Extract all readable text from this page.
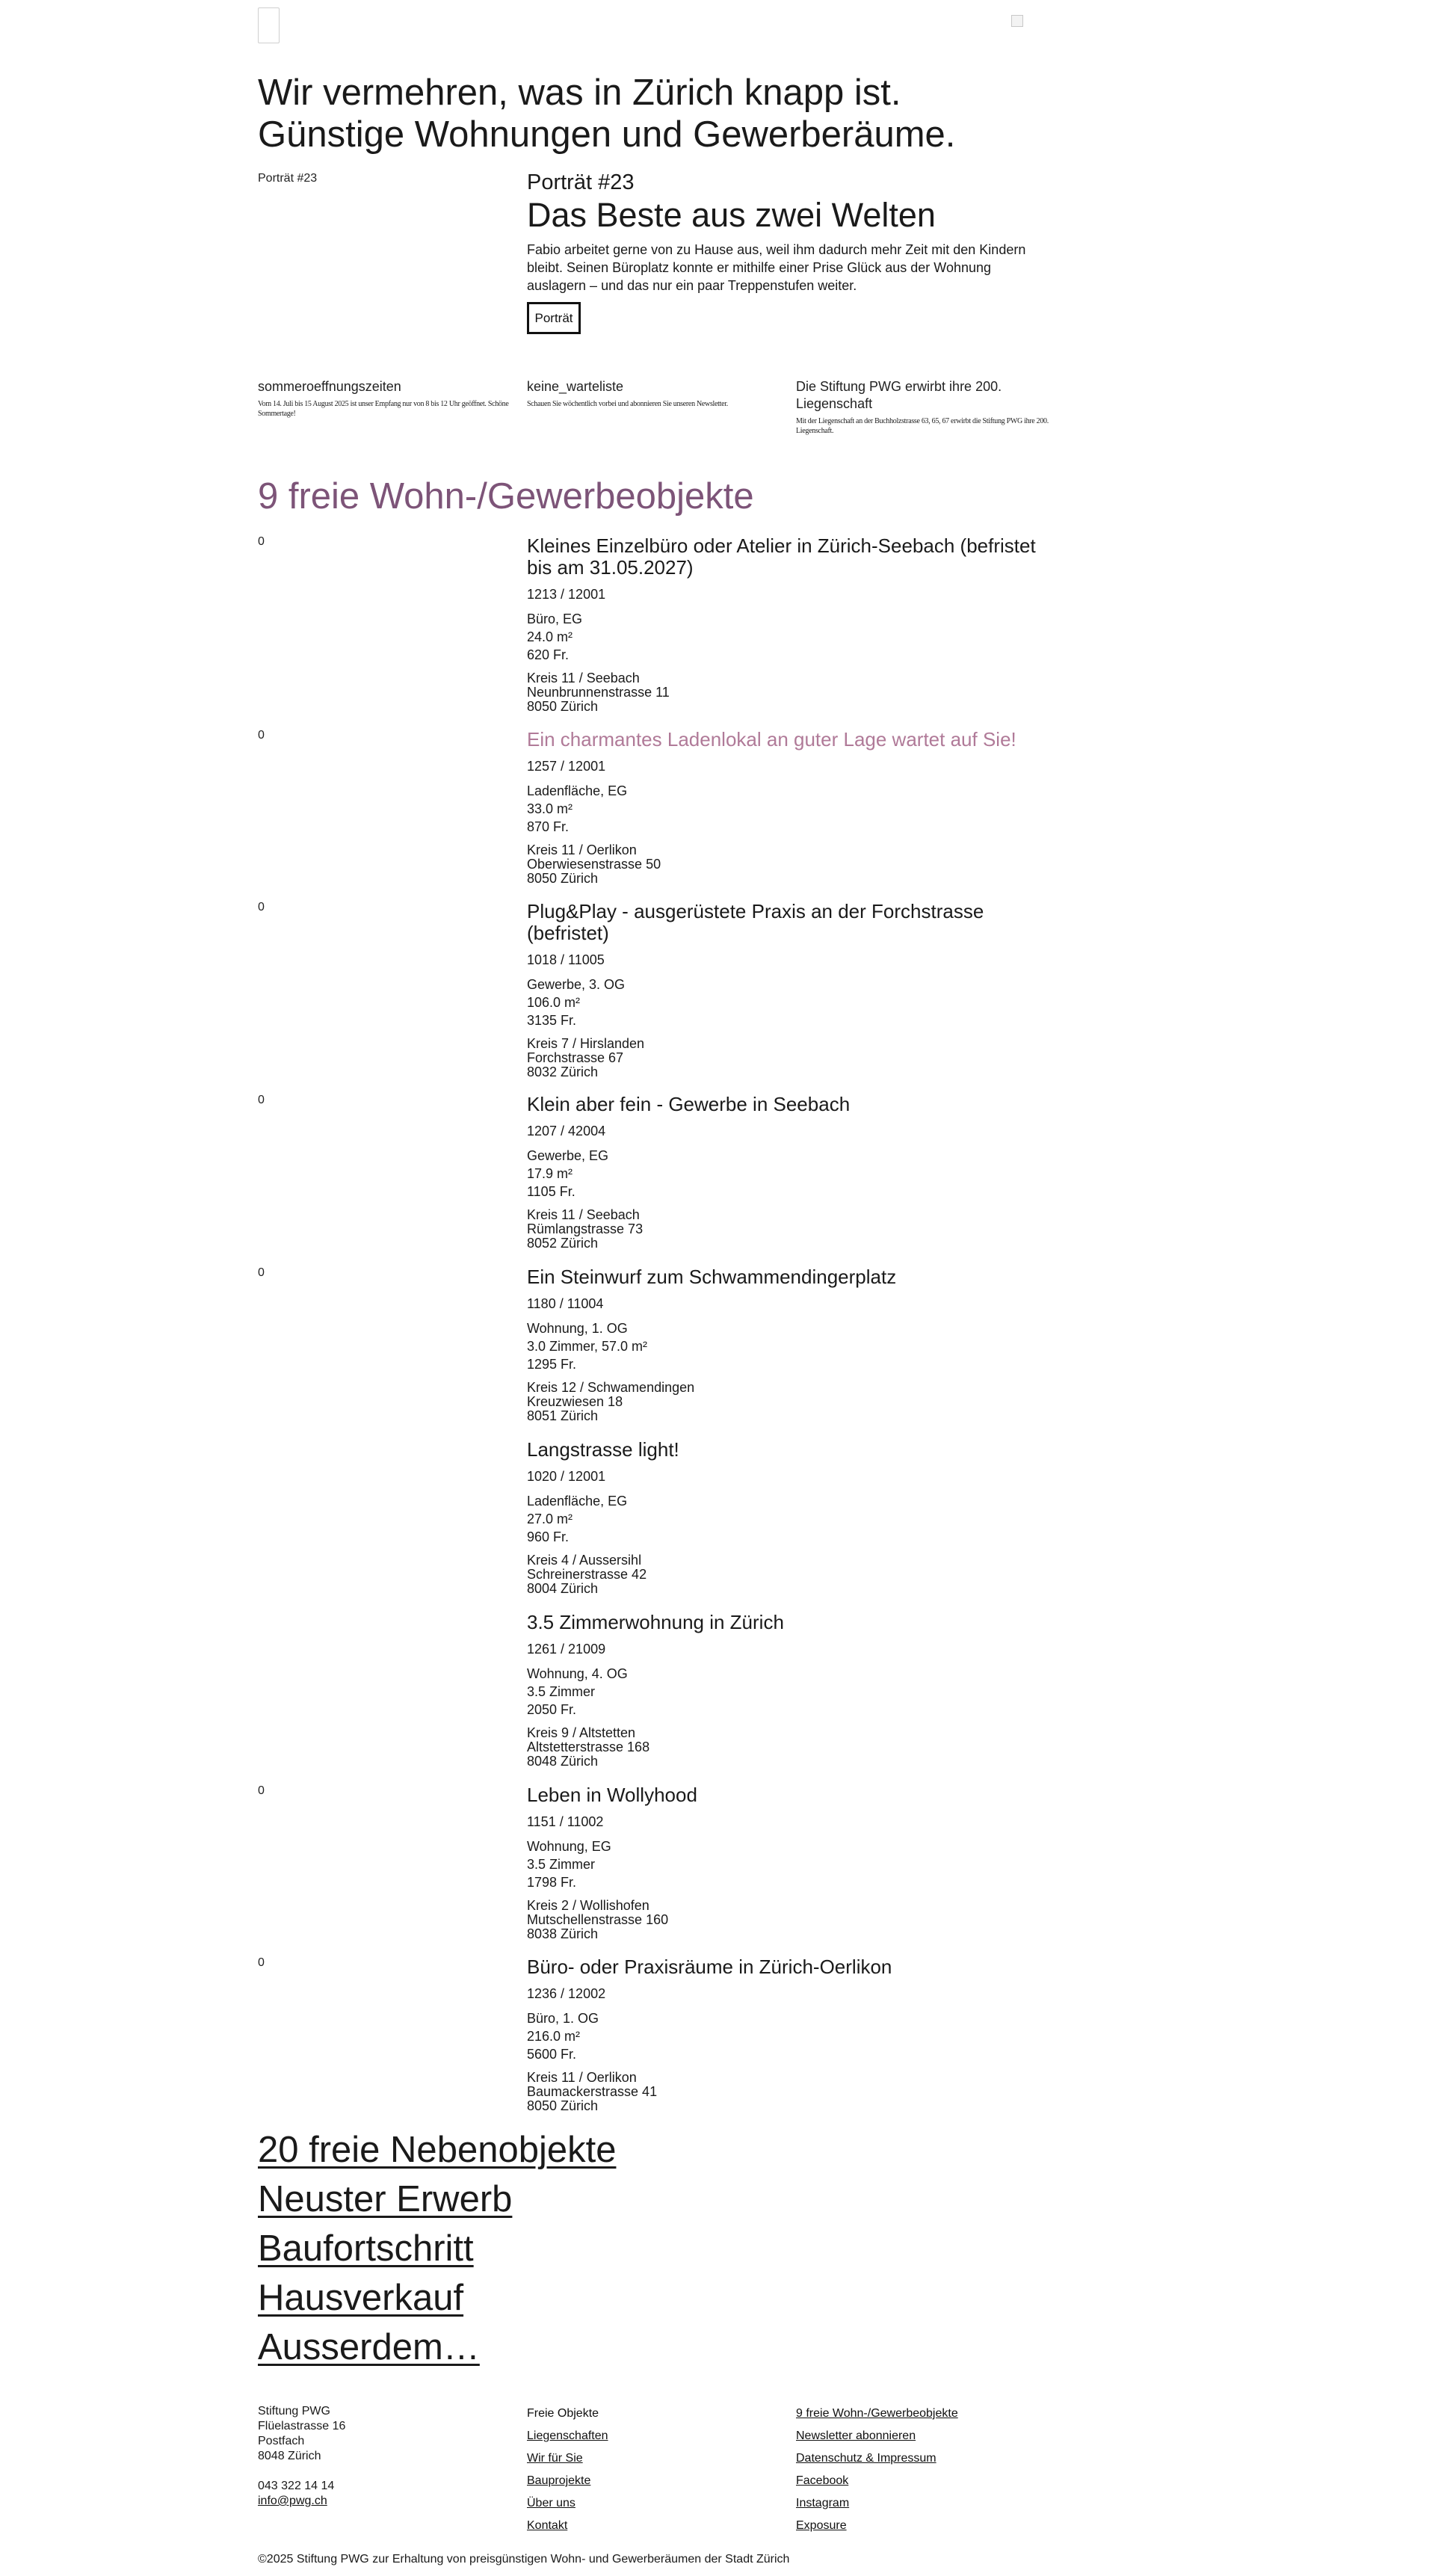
Wir vermehren, was in Zürich knapp ist. Günstige Wohnungen und Gewerberäume.
Porträt #23	Porträt #23
Das Beste aus zwei Welten

Fabio arbeitet gerne von zu Hause aus, weil ihm dadurch mehr Zeit mit den Kindern bleibt. Seinen Büroplatz konnte er mithilfe einer Prise Glück aus der Wohnung auslagern – und das nur ein paar Treppenstufen weiter.

Porträt
sommeroeffnungszeiten
Vom 14. Juli bis 15 August 2025 ist unser Empfang nur von 8 bis 12 Uhr geöffnet. Schöne Sommertage!
keine_warteliste
Schauen Sie wöchentlich vorbei und abonnieren Sie unseren Newsletter.
Die Stiftung PWG erwirbt ihre 200. Liegenschaft
Mit der Liegenschaft an der Buchholzstrasse 63, 65, 67 erwirbt die Stiftung PWG ihre 200. Liegenschaft.
9 freie Wohn-/Gewerbeobjekte
0	Kleines Einzelbüro oder Atelier in Zürich-Seebach (befristet bis am 31.05.2027)
1213 / 12001
Büro, EG
24.0 m²
620 Fr.
Kreis 11 / Seebach
Neunbrunnenstrasse 11
8050 Zürich
0	Ein charmantes Ladenlokal an guter Lage wartet auf Sie!
1257 / 12001
Ladenfläche, EG
33.0 m²
870 Fr.
Kreis 11 / Oerlikon
Oberwiesenstrasse 50
8050 Zürich
0	Plug&Play - ausgerüstete Praxis an der Forchstrasse (befristet)
1018 / 11005
Gewerbe, 3. OG
106.0 m²
3135 Fr.
Kreis 7 / Hirslanden
Forchstrasse 67
8032 Zürich
0	Klein aber fein - Gewerbe in Seebach
1207 / 42004
Gewerbe, EG
17.9 m²
1105 Fr.
Kreis 11 / Seebach
Rümlangstrasse 73
8052 Zürich
0	Ein Steinwurf zum Schwammendingerplatz
1180 / 11004
Wohnung, 1. OG
3.0 Zimmer, 57.0 m²
1295 Fr.
Kreis 12 / Schwamendingen
Kreuzwiesen 18
8051 Zürich
Langstrasse light!
1020 / 12001
Ladenfläche, EG
27.0 m²
960 Fr.
Kreis 4 / Aussersihl
Schreinerstrasse 42
8004 Zürich
3.5 Zimmerwohnung in Zürich
1261 / 21009
Wohnung, 4. OG
3.5 Zimmer
2050 Fr.
Kreis 9 / Altstetten
Altstetterstrasse 168
8048 Zürich
0	Leben in Wollyhood
1151 / 11002
Wohnung, EG
3.5 Zimmer
1798 Fr.
Kreis 2 / Wollishofen
Mutschellenstrasse 160
8038 Zürich
0	Büro- oder Praxisräume in Zürich-Oerlikon
1236 / 12002
Büro, 1. OG
216.0 m²
5600 Fr.
Kreis 11 / Oerlikon
Baumackerstrasse 41
8050 Zürich
20 freie Nebenobjekte
Neuster Erwerb
Baufortschritt
Hausverkauf
Ausserdem…
Stiftung PWG
Flüelastrasse 16
Postfach
8048 Zürich
043 322 14 14
info@pwg.ch
Freie Objekte
Liegenschaften
Wir für Sie
Bauprojekte
Über uns
Kontakt
9 freie Wohn-/Gewerbeobjekte
Newsletter abonnieren
Datenschutz & Impressum
Facebook
Instagram
Exposure
©2025 Stiftung PWG zur Erhaltung von preisgünstigen Wohn- und Gewerberäumen der Stadt Zürich
